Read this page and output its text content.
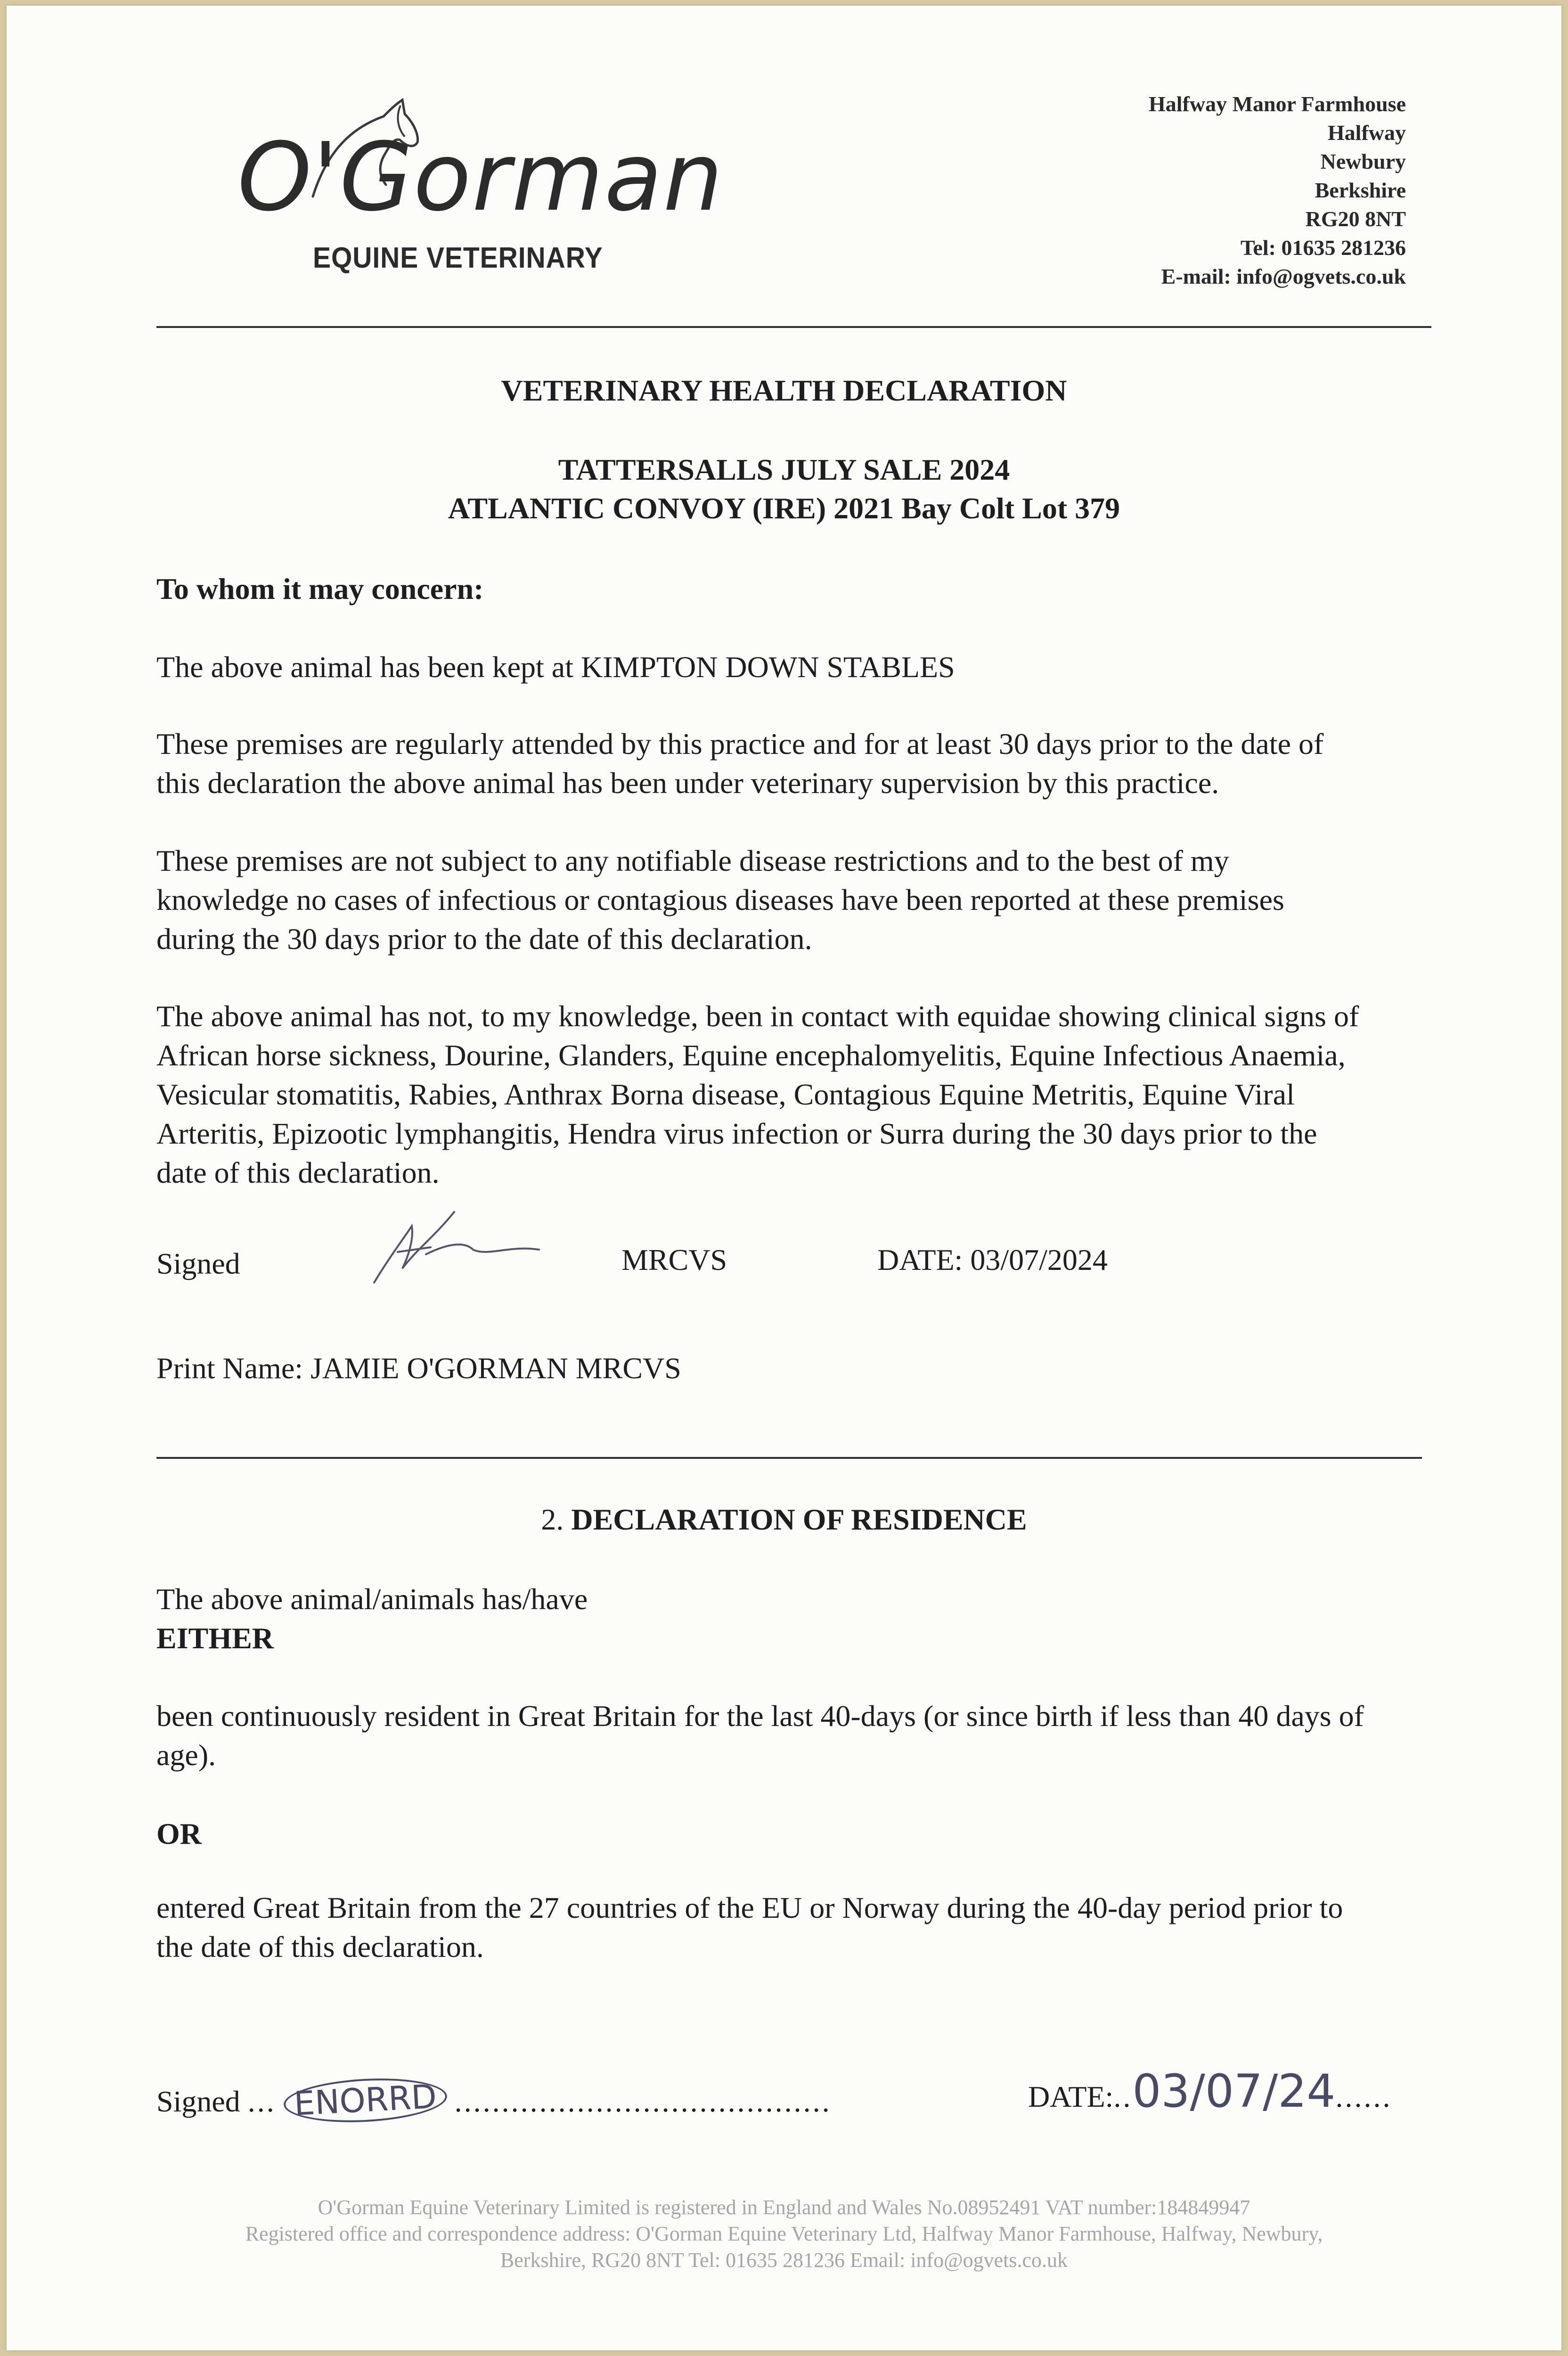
O'Gorman
EQUINE VETERINARY
Halfway Manor Farmhouse
Halfway
Newbury
Berkshire
RG20 8NT
Tel: 01635 281236
E-mail: info@ogvets.co.uk
VETERINARY HEALTH DECLARATION
TATTERSALLS JULY SALE 2024
ATLANTIC CONVOY (IRE) 2021 Bay Colt Lot 379
To whom it may concern:
The above animal has been kept at KIMPTON DOWN STABLES
These premises are regularly attended by this practice and for at least 30 days prior to the date of
this declaration the above animal has been under veterinary supervision by this practice.
These premises are not subject to any notifiable disease restrictions and to the best of my
knowledge no cases of infectious or contagious diseases have been reported at these premises
during the 30 days prior to the date of this declaration.
The above animal has not, to my knowledge, been in contact with equidae showing clinical signs of
African horse sickness, Dourine, Glanders, Equine encephalomyelitis, Equine Infectious Anaemia,
Vesicular stomatitis, Rabies, Anthrax Borna disease, Contagious Equine Metritis, Equine Viral
Arteritis, Epizootic lymphangitis, Hendra virus infection or Surra during the 30 days prior to the
date of this declaration.
Signed	MRCVS	DATE: 03/07/2024
Print Name: JAMIE O'GORMAN MRCVS
2. DECLARATION OF RESIDENCE
The above animal/animals has/have
EITHER
been continuously resident in Great Britain for the last 40-days (or since birth if less than 40 days of
age).
OR
entered Great Britain from the 27 countries of the EU or Norway during the 40-day period prior to
the date of this declaration.
Signed ... ENORRD ........................................	DATE:..03/07/24......
O'Gorman Equine Veterinary Limited is registered in England and Wales No.08952491 VAT number:184849947
Registered office and correspondence address: O'Gorman Equine Veterinary Ltd, Halfway Manor Farmhouse, Halfway, Newbury,
Berkshire, RG20 8NT Tel: 01635 281236 Email: info@ogvets.co.uk
